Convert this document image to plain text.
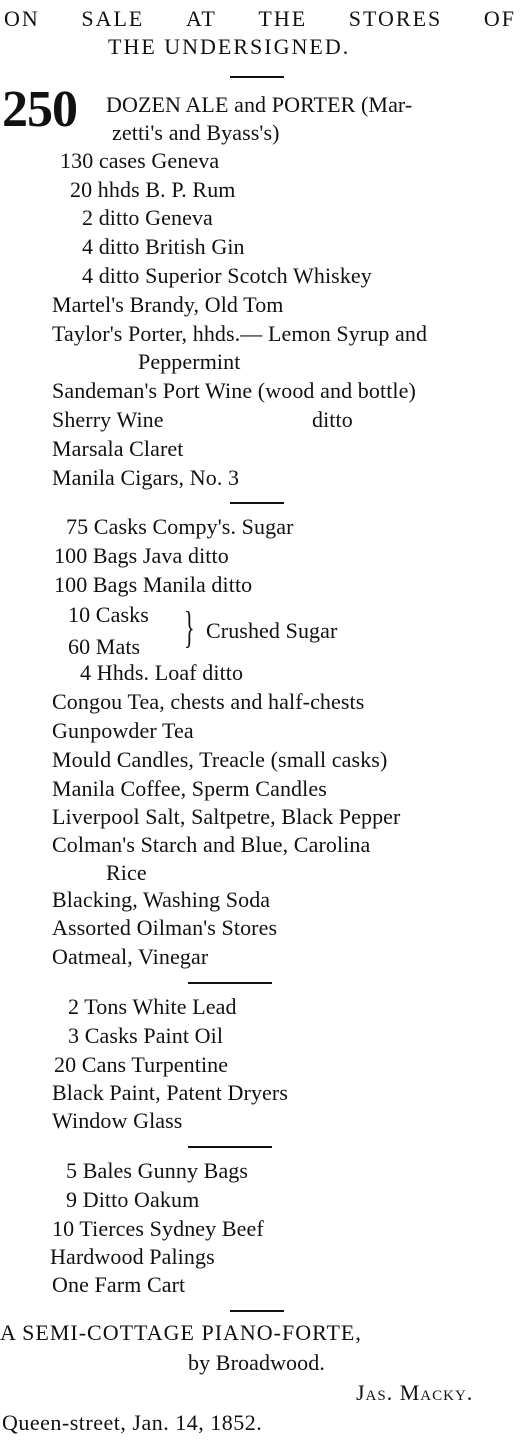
ON SALE AT THE STORES OF
THE UNDERSIGNED.
250 DOZEN ALE and PORTER (Mar-
zetti's and Byass's)
130 cases Geneva
20 hhds B. P. Rum
2 ditto Geneva
4 ditto British Gin
4 ditto Superior Scotch Whiskey
Martel's Brandy, Old Tom
Taylor's Porter, hhds.— Lemon Syrup and
Peppermint
Sandeman's Port Wine (wood and bottle)
Sherry Wine	ditto
Marsala Claret
Manila Cigars, No. 3
75 Casks Compy's. Sugar
100 Bags Java ditto
100 Bags Manila ditto
10 Casks
60 Mats } Crushed Sugar
4 Hhds. Loaf ditto
Congou Tea, chests and half-chests
Gunpowder Tea
Mould Candles, Treacle (small casks)
Manila Coffee, Sperm Candles
Liverpool Salt, Saltpetre, Black Pepper
Colman's Starch and Blue, Carolina
Rice
Blacking, Washing Soda
Assorted Oilman's Stores
Oatmeal, Vinegar
2 Tons White Lead
3 Casks Paint Oil
20 Cans Turpentine
Black Paint, Patent Dryers
Window Glass
5 Bales Gunny Bags
9 Ditto Oakum
10 Tierces Sydney Beef
Hardwood Palings
One Farm Cart
A SEMI-COTTAGE PIANO-FORTE,
by Broadwood.
Jas. Macky.
Queen-street, Jan. 14, 1852.
